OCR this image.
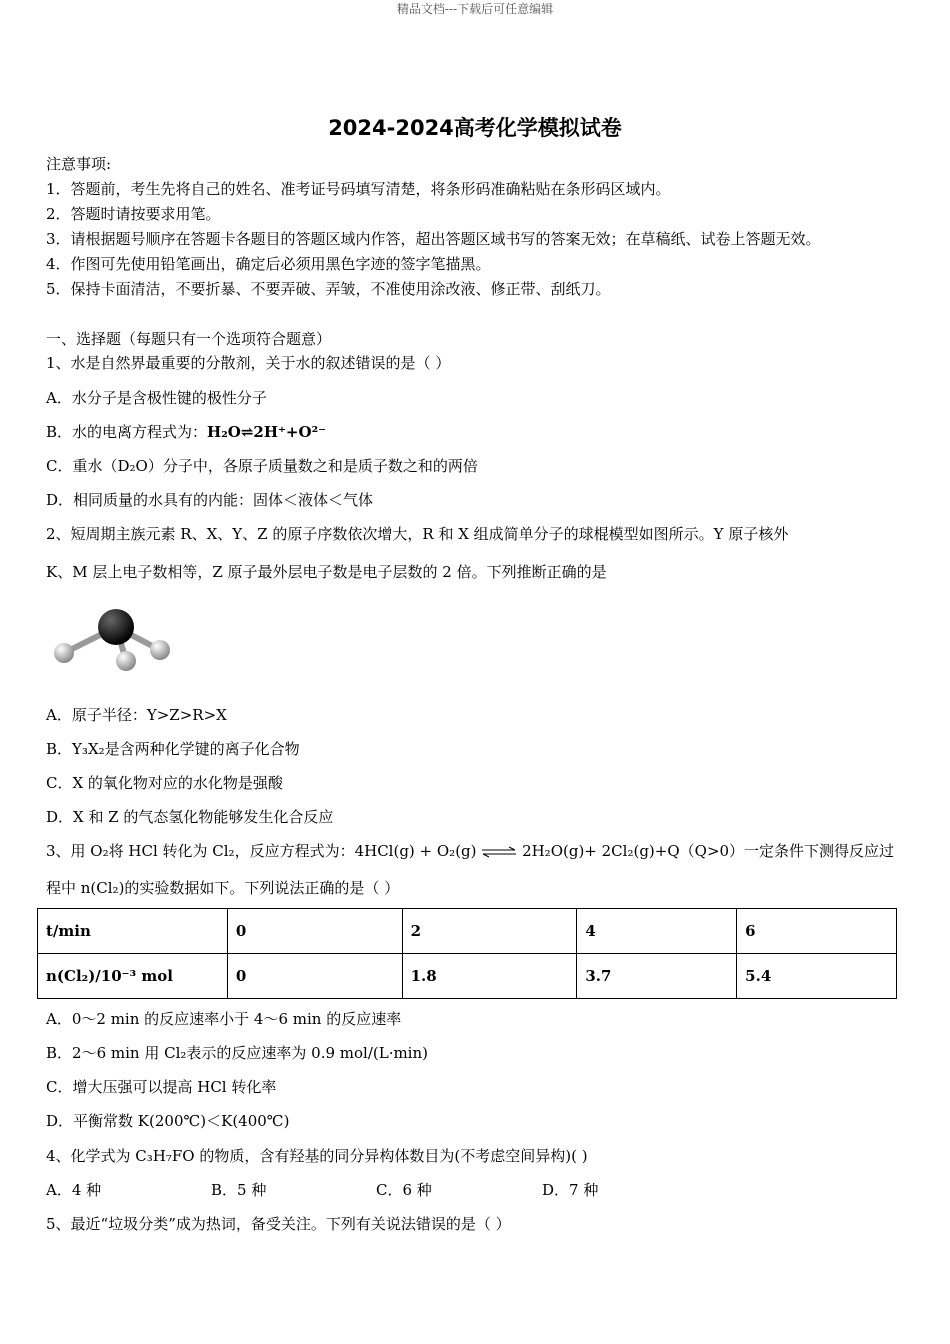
精品文档---下载后可任意编辑
2024-2024高考化学模拟试卷
注意事项:
1．答题前，考生先将自己的姓名、准考证号码填写清楚，将条形码准确粘贴在条形码区域内。
2．答题时请按要求用笔。
3．请根据题号顺序在答题卡各题目的答题区域内作答，超出答题区域书写的答案无效；在草稿纸、试卷上答题无效。
4．作图可先使用铅笔画出，确定后必须用黑色字迹的签字笔描黑。
5．保持卡面清洁，不要折暴、不要弄破、弄皱，不准使用涂改液、修正带、刮纸刀。
一、选择题（每题只有一个选项符合题意）
1、水是自然界最重要的分散剂，关于水的叙述错误的是（ ）
A．水分子是含极性键的极性分子
B．水的电离方程式为：H₂O⇌2H⁺+O²⁻
C．重水（D₂O）分子中，各原子质量数之和是质子数之和的两倍
D．相同质量的水具有的内能：固体＜液体＜气体
2、短周期主族元素 R、X、Y、Z 的原子序数依次增大，R 和 X 组成简单分子的球棍模型如图所示。Y 原子核外
K、M 层上电子数相等，Z 原子最外层电子数是电子层数的 2 倍。下列推断正确的是
A．原子半径：Y>Z>R>X
B．Y₃X₂是含两种化学键的离子化合物
C．X 的氧化物对应的水化物是强酸
D．X 和 Z 的气态氢化物能够发生化合反应
3、用 O₂将 HCl 转化为 Cl₂，反应方程式为：4HCl(g) + O₂(g) ⇌ 2H₂O(g)+ 2Cl₂(g)+Q（Q>0）一定条件下测得反应过
程中 n(Cl₂)的实验数据如下。下列说法正确的是（ ）
t/min	0	2	4	6
n(Cl₂)/10⁻³ mol	0	1.8	3.7	5.4
A．0～2 min 的反应速率小于 4～6 min 的反应速率
B．2～6 min 用 Cl₂表示的反应速率为 0.9 mol/(L·min)
C．增大压强可以提高 HCl 转化率
D．平衡常数 K(200℃)＜K(400℃)
4、化学式为 C₃H₇FO 的物质，含有羟基的同分异构体数目为(不考虑空间异构)( )
A．4 种	B．5 种	C．6 种	D．7 种
5、最近“垃圾分类”成为热词，备受关注。下列有关说法错误的是（ ）
